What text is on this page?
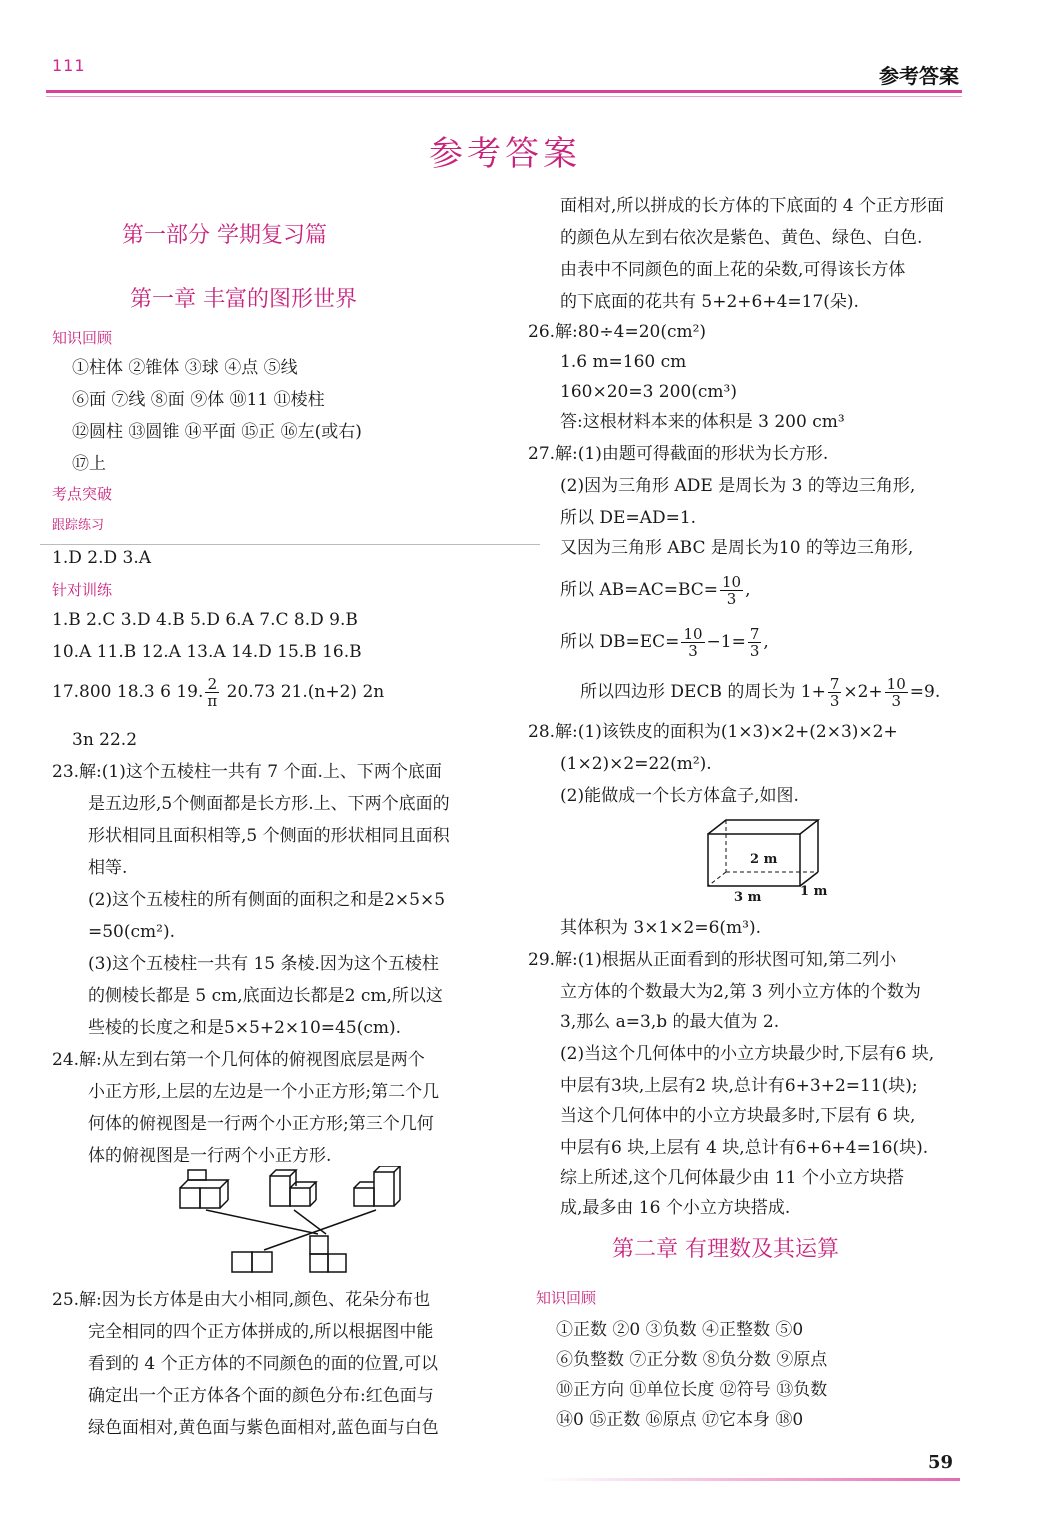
111	参考答案
参考答案
第一部分 学期复习篇
第一章 丰富的图形世界
知识回顾
①柱体 ②锥体 ③球 ④点 ⑤线
⑥面 ⑦线 ⑧面 ⑨体 ⑩11 ⑪棱柱
⑫圆柱 ⑬圆锥 ⑭平面 ⑮正 ⑯左(或右)
⑰上
考点突破
跟踪练习
1.D 2.D 3.A
针对训练
1.B 2.C 3.D 4.B 5.D 6.A 7.C 8.D 9.B
10.A 11.B 12.A 13.A 14.D 15.B 16.B
17.800 18.3 6 19. $\frac{2}{\pi} 20.73$ 21.(n+2) 2n
3n 22.2
23.解:(1)这个五棱柱一共有 7 个面.上、下两个底面
是五边形,5个侧面都是长方形.上、下两个底面的
形状相同且面积相等,5 个侧面的形状相同且面积
相等.
(2)这个五棱柱的所有侧面的面积之和是2×5×5
=50(cm²).
(3)这个五棱柱一共有 15 条棱.因为这个五棱柱
的侧棱长都是 5 cm,底面边长都是2 cm,所以这
些棱的长度之和是5×5+2×10=45(cm).
24.解:从左到右第一个几何体的俯视图底层是两个
小正方形,上层的左边是一个小正方形;第二个几
何体的俯视图是一行两个小正方形;第三个几何
体的俯视图是一行两个小正方形.
25.解:因为长方体是由大小相同,颜色、花朵分布也
完全相同的四个正方体拼成的,所以根据图中能
看到的 4 个正方体的不同颜色的面的位置,可以
确定出一个正方体各个面的颜色分布:红色面与
绿色面相对,黄色面与紫色面相对,蓝色面与白色
面相对,所以拼成的长方体的下底面的 4 个正方形面
的颜色从左到右依次是紫色、黄色、绿色、白色.
由表中不同颜色的面上花的朵数,可得该长方体
的下底面的花共有 5+2+6+4=17(朵).
26.解:80÷4=20(cm²)
1.6 m=160 cm
160×20=3 200(cm³)
答:这根材料本来的体积是 3 200 cm³
27.解:(1)由题可得截面的形状为长方形.
(2)因为三角形 ADE 是周长为 3 的等边三角形,
所以 DE=AD=1.
又因为三角形 ABC 是周长为10 的等边三角形,
所以 $AB=AC=BC= \frac{10}{3}$ ,
所以 $DB=EC= \frac{10}{3} -1= \frac{7}{3}$ ,
所以四边形 DECB 的周长为 $1+ \frac{7}{3} \times 2+ \frac{10}{3} =9$.
28.解:(1)该铁皮的面积为(1×3)×2+(2×3)×2+
(1×2)×2=22(m²).
(2)能做成一个长方体盒子,如图.
2 m
3 m	1 m
其体积为 3×1×2=6(m³).
29.解:(1)根据从正面看到的形状图可知,第二列小
立方体的个数最大为2,第 3 列小立方体的个数为
3,那么 a=3,b 的最大值为 2.
(2)当这个几何体中的小立方块最少时,下层有6 块,
中层有3块,上层有2 块,总计有6+3+2=11(块);
当这个几何体中的小立方块最多时,下层有 6 块,
中层有6 块,上层有 4 块,总计有6+6+4=16(块).
综上所述,这个几何体最少由 11 个小立方块搭
成,最多由 16 个小立方块搭成.
第二章 有理数及其运算
知识回顾
①正数 ②0 ③负数 ④正整数 ⑤0
⑥负整数 ⑦正分数 ⑧负分数 ⑨原点
⑩正方向 ⑪单位长度 ⑫符号 ⑬负数
⑭0 ⑮正数 ⑯原点 ⑰它本身 ⑱0
59
